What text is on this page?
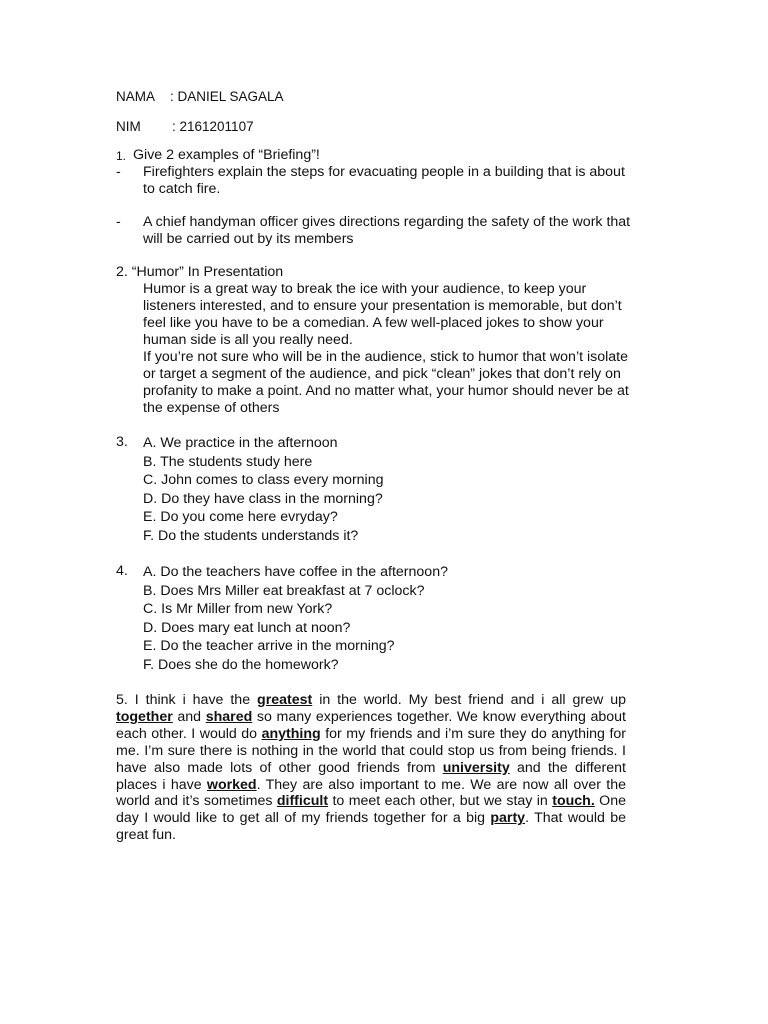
NAMA : DANIEL SAGALA

NIM : 2161201107

1. Give 2 examples of “Briefing”!

- Firefighters explain the steps for evacuating people in a building that is about to catch fire.

- A chief handyman officer gives directions regarding the safety of the work that will be carried out by its members

2. “Humor” In Presentation

Humor is a great way to break the ice with your audience, to keep your listeners interested, and to ensure your presentation is memorable, but don’t feel like you have to be a comedian. A few well-placed jokes to show your human side is all you really need.

If you’re not sure who will be in the audience, stick to humor that won’t isolate or target a segment of the audience, and pick “clean” jokes that don’t rely on profanity to make a point. And no matter what, your humor should never be at the expense of others

3. A. We practice in the afternoon
B. The students study here
C. John comes to class every morning
D. Do they have class in the morning?
E. Do you come here evryday?
F. Do the students understands it?

4. A. Do the teachers have coffee in the afternoon?
B. Does Mrs Miller eat breakfast at 7 oclock?
C. Is Mr Miller from new York?
D. Does mary eat lunch at noon?
E. Do the teacher arrive in the morning?
F. Does she do the homework?

5. I think i have the greatest in the world. My best friend and i all grew up together and shared so many experiences together. We know everything about each other. I would do anything for my friends and i’m sure they do anything for me. I’m sure there is nothing in the world that could stop us from being friends. I have also made lots of other good friends from university and the different places i have worked. They are also important to me. We are now all over the world and it’s sometimes difficult to meet each other, but we stay in touch. One day I would like to get all of my friends together for a big party. That would be great fun.
